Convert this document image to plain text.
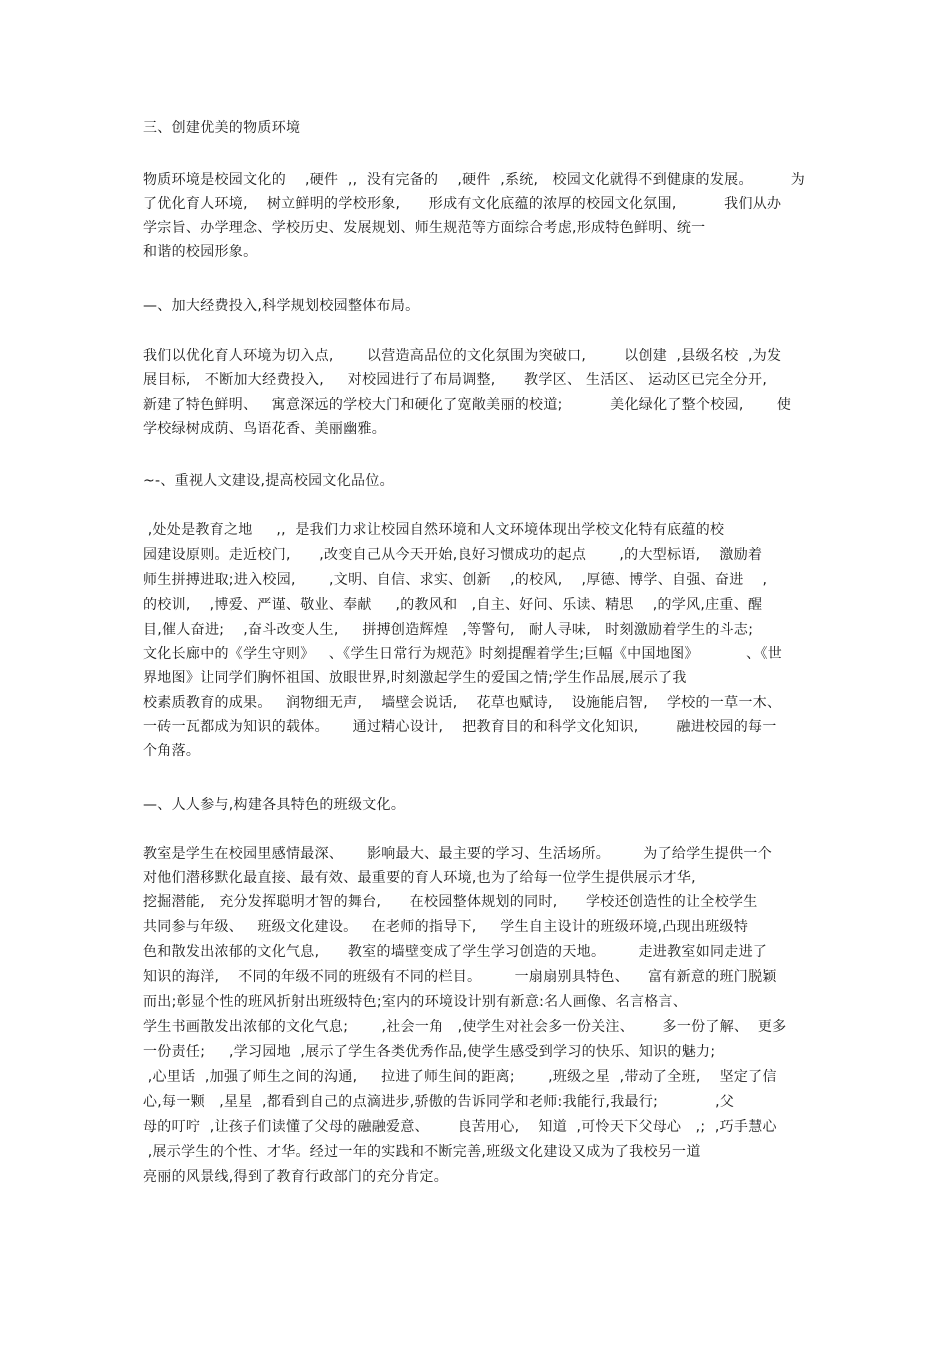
三、创建优美的物质环境
物质环境是校园文化的    ,硬件  ,,  没有完备的    ,硬件  ,系统,   校园文化就得不到健康的发展。        为
了优化育人环境,    树立鲜明的学校形象,      形成有文化底蕴的浓厚的校园文化氛围,          我们从办
学宗旨、办学理念、学校历史、发展规划、师生规范等方面综合考虑,形成特色鲜明、统一
和谐的校园形象。
—、加大经费投入,科学规划校园整体布局。
我们以优化育人环境为切入点,       以营造高品位的文化氛围为突破口,        以创建  ,县级名校  ,为发
展目标,   不断加大经费投入,     对校园进行了布局调整,      教学区、 生活区、 运动区已完全分开,
新建了特色鲜明、   寓意深远的学校大门和硬化了宽敞美丽的校道;          美化绿化了整个校园,       使
学校绿树成荫、鸟语花香、美丽幽雅。
~-、重视人文建设,提高校园文化品位。
,处处是教育之地     ,,  是我们力求让校园自然环境和人文环境体现出学校文化特有底蕴的校
园建设原则。走近校门,      ,改变自己从今天开始,良好习惯成功的起点       ,的大型标语,    激励着
师生拼搏进取;进入校园,       ,文明、自信、求实、创新    ,的校风,    ,厚德、博学、自强、奋进    ,
的校训,    ,博爱、严谨、敬业、奉献     ,的教风和   ,自主、好问、乐读、精思    ,的学风,庄重、醒
目,催人奋进;    ,奋斗改变人生,     拼搏创造辉煌   ,等警句,   耐人寻味,   时刻激励着学生的斗志;
文化长廊中的《学生守则》   、《学生日常行为规范》时刻提醒着学生;巨幅《中国地图》          、《世
界地图》让同学们胸怀祖国、放眼世界,时刻激起学生的爱国之情;学生作品展,展示了我
校素质教育的成果。   润物细无声,    墙壁会说话,    花草也赋诗,    设施能启智,    学校的一草一木、
一砖一瓦都成为知识的载体。     通过精心设计,    把教育目的和科学文化知识,        融进校园的每一
个角落。
—、人人参与,构建各具特色的班级文化。
教室是学生在校园里感情最深、     影响最大、最主要的学习、生活场所。       为了给学生提供一个
对他们潜移默化最直接、最有效、最重要的育人环境,也为了给每一位学生提供展示才华,
挖掘潜能,   充分发挥聪明才智的舞台,      在校园整体规划的同时,      学校还创造性的让全校学生
共同参与年级、   班级文化建设。   在老师的指导下,     学生自主设计的班级环境,凸现出班级特
色和散发出浓郁的文化气息,      教室的墙壁变成了学生学习创造的天地。       走进教室如同走进了
知识的海洋,    不同的年级不同的班级有不同的栏目。       一扇扇别具特色、    富有新意的班门脱颖
而出;彰显个性的班风折射出班级特色;室内的环境设计别有新意:名人画像、名言格言、
学生书画散发出浓郁的文化气息;       ,社会一角   ,使学生对社会多一份关注、      多一份了解、  更多
一份责任;     ,学习园地  ,展示了学生各类优秀作品,使学生感受到学习的快乐、知识的魅力;
,心里话  ,加强了师生之间的沟通,     拉进了师生间的距离;       ,班级之星  ,带动了全班,    坚定了信
心,每一颗   ,星星  ,都看到自己的点滴进步,骄傲的告诉同学和老师:我能行,我最行;            ,父
母的叮咛  ,让孩子们读懂了父母的融融爱意、      良苦用心,    知道  ,可怜天下父母心   ,;  ,巧手慧心
,展示学生的个性、才华。经过一年的实践和不断完善,班级文化建设又成为了我校另一道
亮丽的风景线,得到了教育行政部门的充分肯定。
